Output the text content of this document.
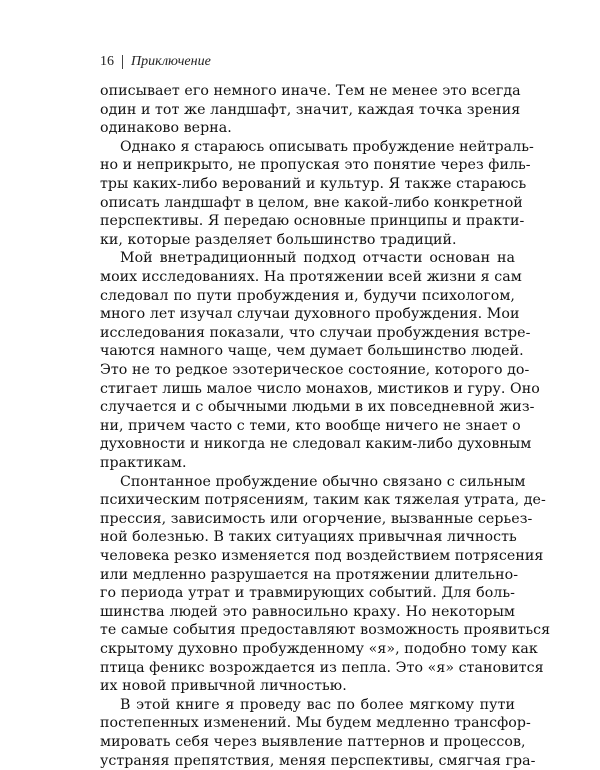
16 Приключение
описывает его немного иначе. Тем не менее это всегда
один и тот же ландшафт, значит, каждая точка зрения
одинаково верна.
Однако я стараюсь описывать пробуждение нейтраль-
но и неприкрыто, не пропуская это понятие через филь-
тры каких-либо верований и культур. Я также стараюсь
описать ландшафт в целом, вне какой-либо конкретной
перспективы. Я передаю основные принципы и практи-
ки, которые разделяет большинство традиций.
Мой внетрадиционный подход отчасти основан на
моих исследованиях. На протяжении всей жизни я сам
следовал по пути пробуждения и, будучи психологом,
много лет изучал случаи духовного пробуждения. Мои
исследования показали, что случаи пробуждения встре-
чаются намного чаще, чем думает большинство людей.
Это не то редкое эзотерическое состояние, которого до-
стигает лишь малое число монахов, мистиков и гуру. Оно
случается и с обычными людьми в их повседневной жиз-
ни, причем часто с теми, кто вообще ничего не знает о
духовности и никогда не следовал каким-либо духовным
практикам.
Спонтанное пробуждение обычно связано с сильным
психическим потрясениям, таким как тяжелая утрата, де-
прессия, зависимость или огорчение, вызванные серьез-
ной болезнью. В таких ситуациях привычная личность
человека резко изменяется под воздействием потрясения
или медленно разрушается на протяжении длительно-
го периода утрат и травмирующих событий. Для боль-
шинства людей это равносильно краху. Но некоторым
те самые события предоставляют возможность проявиться
скрытому духовно пробужденному «я», подобно тому как
птица феникс возрождается из пепла. Это «я» становится
их новой привычной личностью.
В этой книге я проведу вас по более мягкому пути
постепенных изменений. Мы будем медленно трансфор-
мировать себя через выявление паттернов и процессов,
устраняя препятствия, меняя перспективы, смягчая гра-
